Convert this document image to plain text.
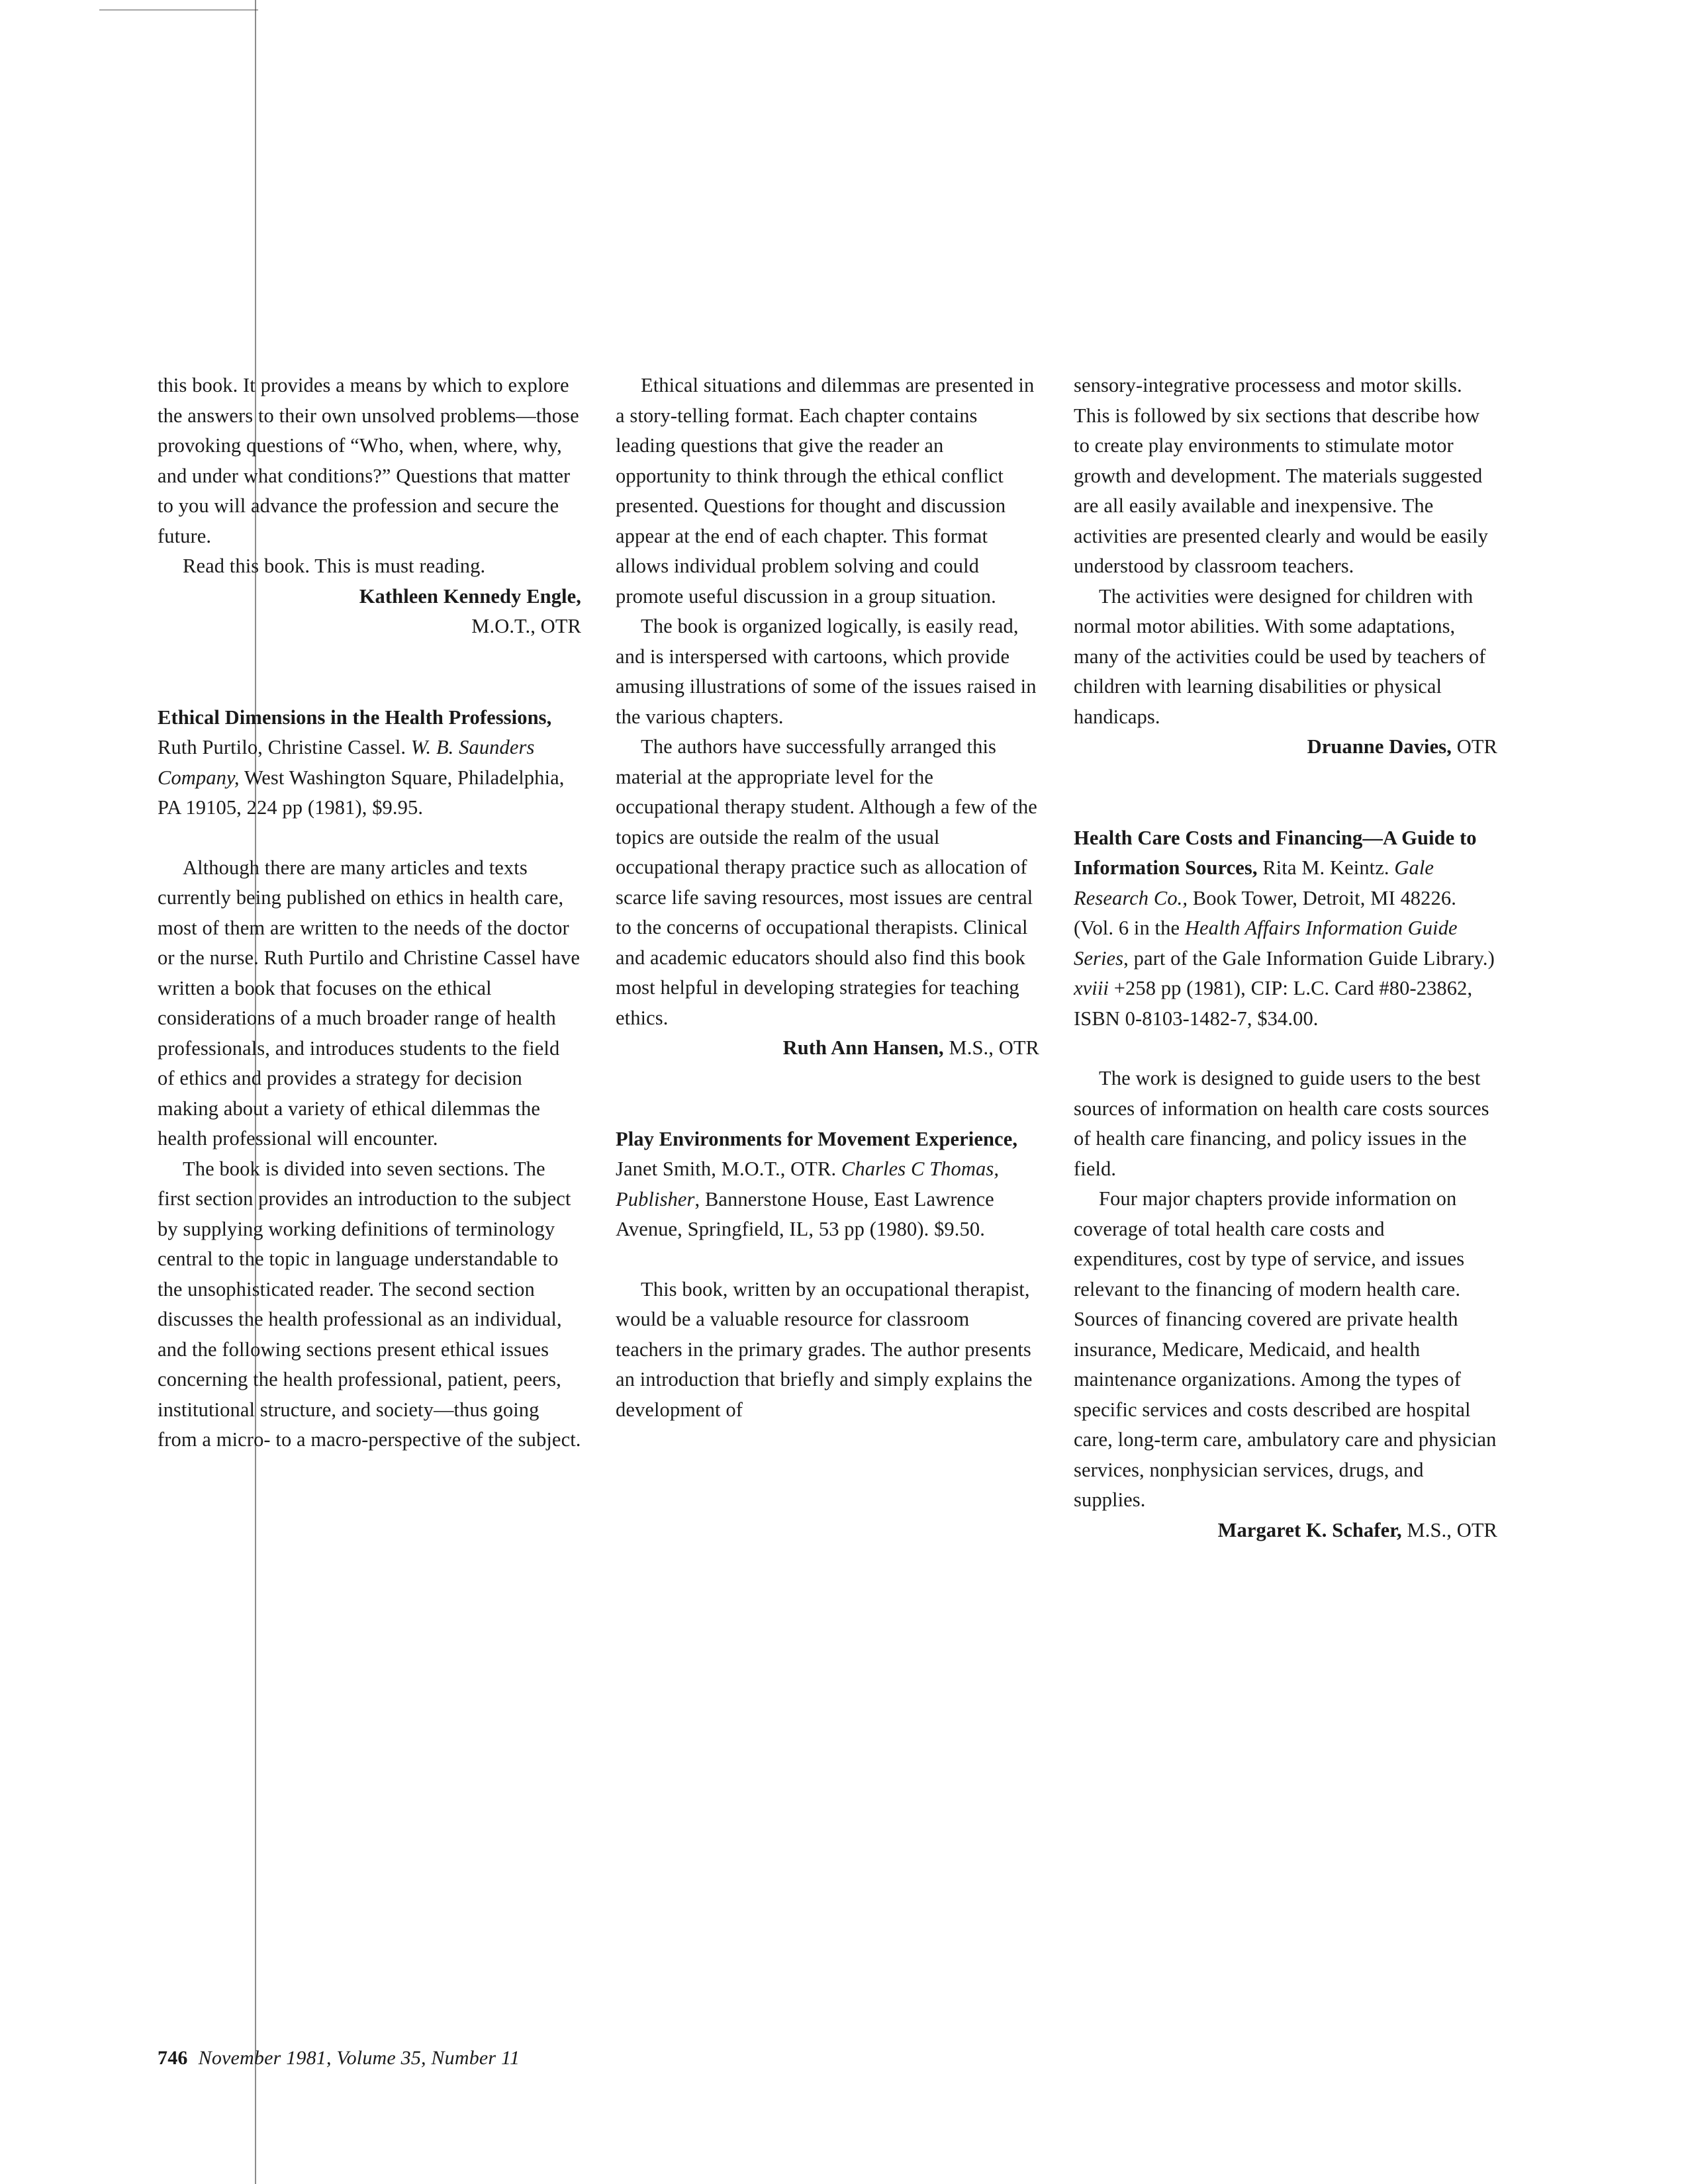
this book. It provides a means by which to explore the answers to their own unsolved problems—those provoking questions of “Who, when, where, why, and under what conditions?” Questions that matter to you will advance the profession and secure the future.

Read this book. This is must reading.

Kathleen Kennedy Engle,
M.O.T., OTR

Ethical Dimensions in the Health Professions, Ruth Purtilo, Christine Cassel. W. B. Saunders Company, West Washington Square, Philadelphia, PA 19105, 224 pp (1981), $9.95.

Although there are many articles and texts currently being published on ethics in health care, most of them are written to the needs of the doctor or the nurse. Ruth Purtilo and Christine Cassel have written a book that focuses on the ethical considerations of a much broader range of health professionals, and introduces students to the field of ethics and provides a strategy for decision making about a variety of ethical dilemmas the health professional will encounter.

The book is divided into seven sections. The first section provides an introduction to the subject by supplying working definitions of terminology central to the topic in language understandable to the unsophisticated reader. The second section discusses the health professional as an individual, and the following sections present ethical issues concerning the health professional, patient, peers, institutional structure, and society—thus going from a micro- to a macro-perspective of the subject.

Ethical situations and dilemmas are presented in a story-telling format. Each chapter contains leading questions that give the reader an opportunity to think through the ethical conflict presented. Questions for thought and discussion appear at the end of each chapter. This format allows individual problem solving and could promote useful discussion in a group situation.

The book is organized logically, is easily read, and is interspersed with cartoons, which provide amusing illustrations of some of the issues raised in the various chapters.

The authors have successfully arranged this material at the appropriate level for the occupational therapy student. Although a few of the topics are outside the realm of the usual occupational therapy practice such as allocation of scarce life saving resources, most issues are central to the concerns of occupational therapists. Clinical and academic educators should also find this book most helpful in developing strategies for teaching ethics.

Ruth Ann Hansen, M.S., OTR

Play Environments for Movement Experience, Janet Smith, M.O.T., OTR. Charles C Thomas, Publisher, Bannerstone House, East Lawrence Avenue, Springfield, IL, 53 pp (1980). $9.50.

This book, written by an occupational therapist, would be a valuable resource for classroom teachers in the primary grades. The author presents an introduction that briefly and simply explains the development of

sensory-integrative processess and motor skills. This is followed by six sections that describe how to create play environments to stimulate motor growth and development. The materials suggested are all easily available and inexpensive. The activities are presented clearly and would be easily understood by classroom teachers.

The activities were designed for children with normal motor abilities. With some adaptations, many of the activities could be used by teachers of children with learning disabilities or physical handicaps.

Druanne Davies, OTR

Health Care Costs and Financing—A Guide to Information Sources, Rita M. Keintz. Gale Research Co., Book Tower, Detroit, MI 48226. (Vol. 6 in the Health Affairs Information Guide Series, part of the Gale Information Guide Library.) xviii +258 pp (1981), CIP: L.C. Card #80-23862, ISBN 0-8103-1482-7, $34.00.

The work is designed to guide users to the best sources of information on health care costs sources of health care financing, and policy issues in the field.

Four major chapters provide information on coverage of total health care costs and expenditures, cost by type of service, and issues relevant to the financing of modern health care. Sources of financing covered are private health insurance, Medicare, Medicaid, and health maintenance organizations. Among the types of specific services and costs described are hospital care, long-term care, ambulatory care and physician services, nonphysician services, drugs, and supplies.

Margaret K. Schafer, M.S., OTR

746 November 1981, Volume 35, Number 11
